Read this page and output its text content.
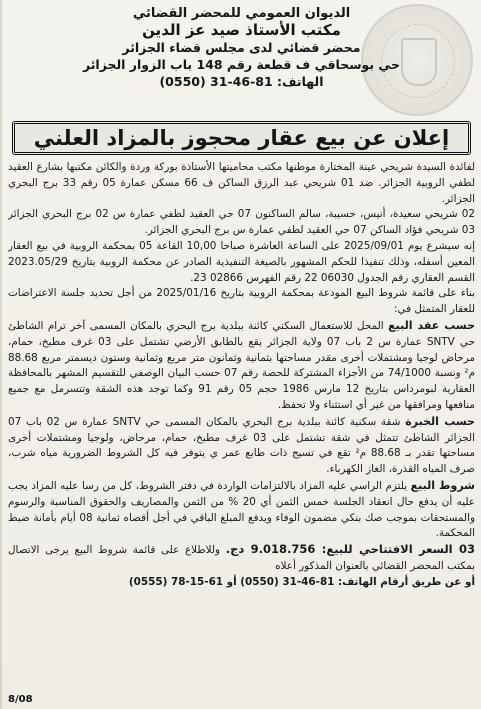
الديوان العمومي للمحضر القضائي
مكتب الأستاذ صيد عز الدين
محضر قضائي لدى مجلس قضاء الجزائر
حي بوسحاقي ف قطعة رقم 148 باب الزوار الجزائر
الهاتف: 81-46-31 (0550)
إعلان عن بيع عقار محجوز بالمزاد العلني

لفائدة السيدة شريحي عينة المختارة موطنها مكتب محاميتها الأستاذة بوركة وردة والكائن مكتبها بشارع العقيد لطفي الروبية الجزائر. ضد 01 شريحي عبد الرزق الساكن ف 66 مسكن عمارة 05 رقم 33 برج البحري الجزائر.

02 شريحي سعيدة، أنيس، حسيبة، سالم الساكنون 07 حي العقيد لطفي عمارة س 02 برج البحري الجزائر 03 شريحي فؤاد الساكن 07 حي العقيد لطفي عمارة س برج البحري الجزائر.

إنه سيشرع يوم 2025/09/01 على الساعة العاشرة صباحا 10,00 القاعة 05 بمحكمة الروبية في بيع العقار المعين أسفله، وذلك تنفيذا للحكم المشهور بالصيغة التنفيذية الصادر عن محكمة الروبية بتاريخ 2023.05/29 القسم العقاري رقم الجدول 06030 22 رقم الفهرس 02866 23.

بناء على قائمة شروط البيع المودعة بمحكمة الروبية بتاريخ 2025/01/16 من أجل تحديد جلسة الاعتراضات للعقار المتمثل في:

حسب عقد البيع المحل للاستعمال السكني كائنة ببلدية برج البحري بالمكان المسمى آخر ترام الشاطئ حي SNTV عمارة س 2 باب 07 ولاية الجزائر يقع بالطابق الأرضي تشتمل على 03 غرف مطبخ، حمام، مرحاض لوجيا ومشتملات أخرى مقدر مساحتها بثمانية وثمانون متر مربع وثمانية وستون ديسمتر مربع 88.68 م² ونسبة 74/1000 من الأجزاء المشتركة للحصة رقم 07 حسب البيان الوصفي للتقسيم المشهر بالمحافظة العقارية لبومرداس بتاريخ 12 مارس 1986 حجم 05 رقم 91 وكما توجد هذه الشقة وتتسرمل مع جميع منافعها ومرافقها من غير أي استثناء ولا تحفظ.

حسب الخبرة شقة سكنية كائنة ببلدية برج البحري بالمكان المسمى حي SNTV عمارة س 02 باب 07 الجزائر الشاطئ تتمثل في شقة تشتمل على 03 غرف مطبخ، حمام، مرحاض، ولوجيا ومشتملات أخرى مساحتها تقدر بـ 88.68 م² تقع في تسيج ذات طابع عمر ي يتوفر فيه كل الشروط الضرورية مياه شرب، صرف المياه القذرة، الغاز الكهرباء.

شروط البيع يلتزم الراسي عليه المزاد بالالتزامات الواردة في دفتر الشروط، كل من رسا عليه المزاد يجب عليه أن يدفع حال انعقاد الجلسة خمس الثمن أي 20 % من الثمن والمصاريف والحقوق المناسبة والرسوم والمستحقات بموجب صك بنكي مضمون الوفاء ويدفع المبلغ الباقي في أجل أقصاه ثمانية 08 أيام بأمانة ضبط المحكمة.

03 السعر الافتتاحي للبيع: 9.018.756 دج. وللاطلاع على قائمة شروط البيع يرجى الاتصال بمكتب المحضر القضائي بالعنوان المذكور أعلاه

أو عن طريق أرقام الهاتف: 81-46-31 (0550) أو 61-15-78 (0555)

8/08
